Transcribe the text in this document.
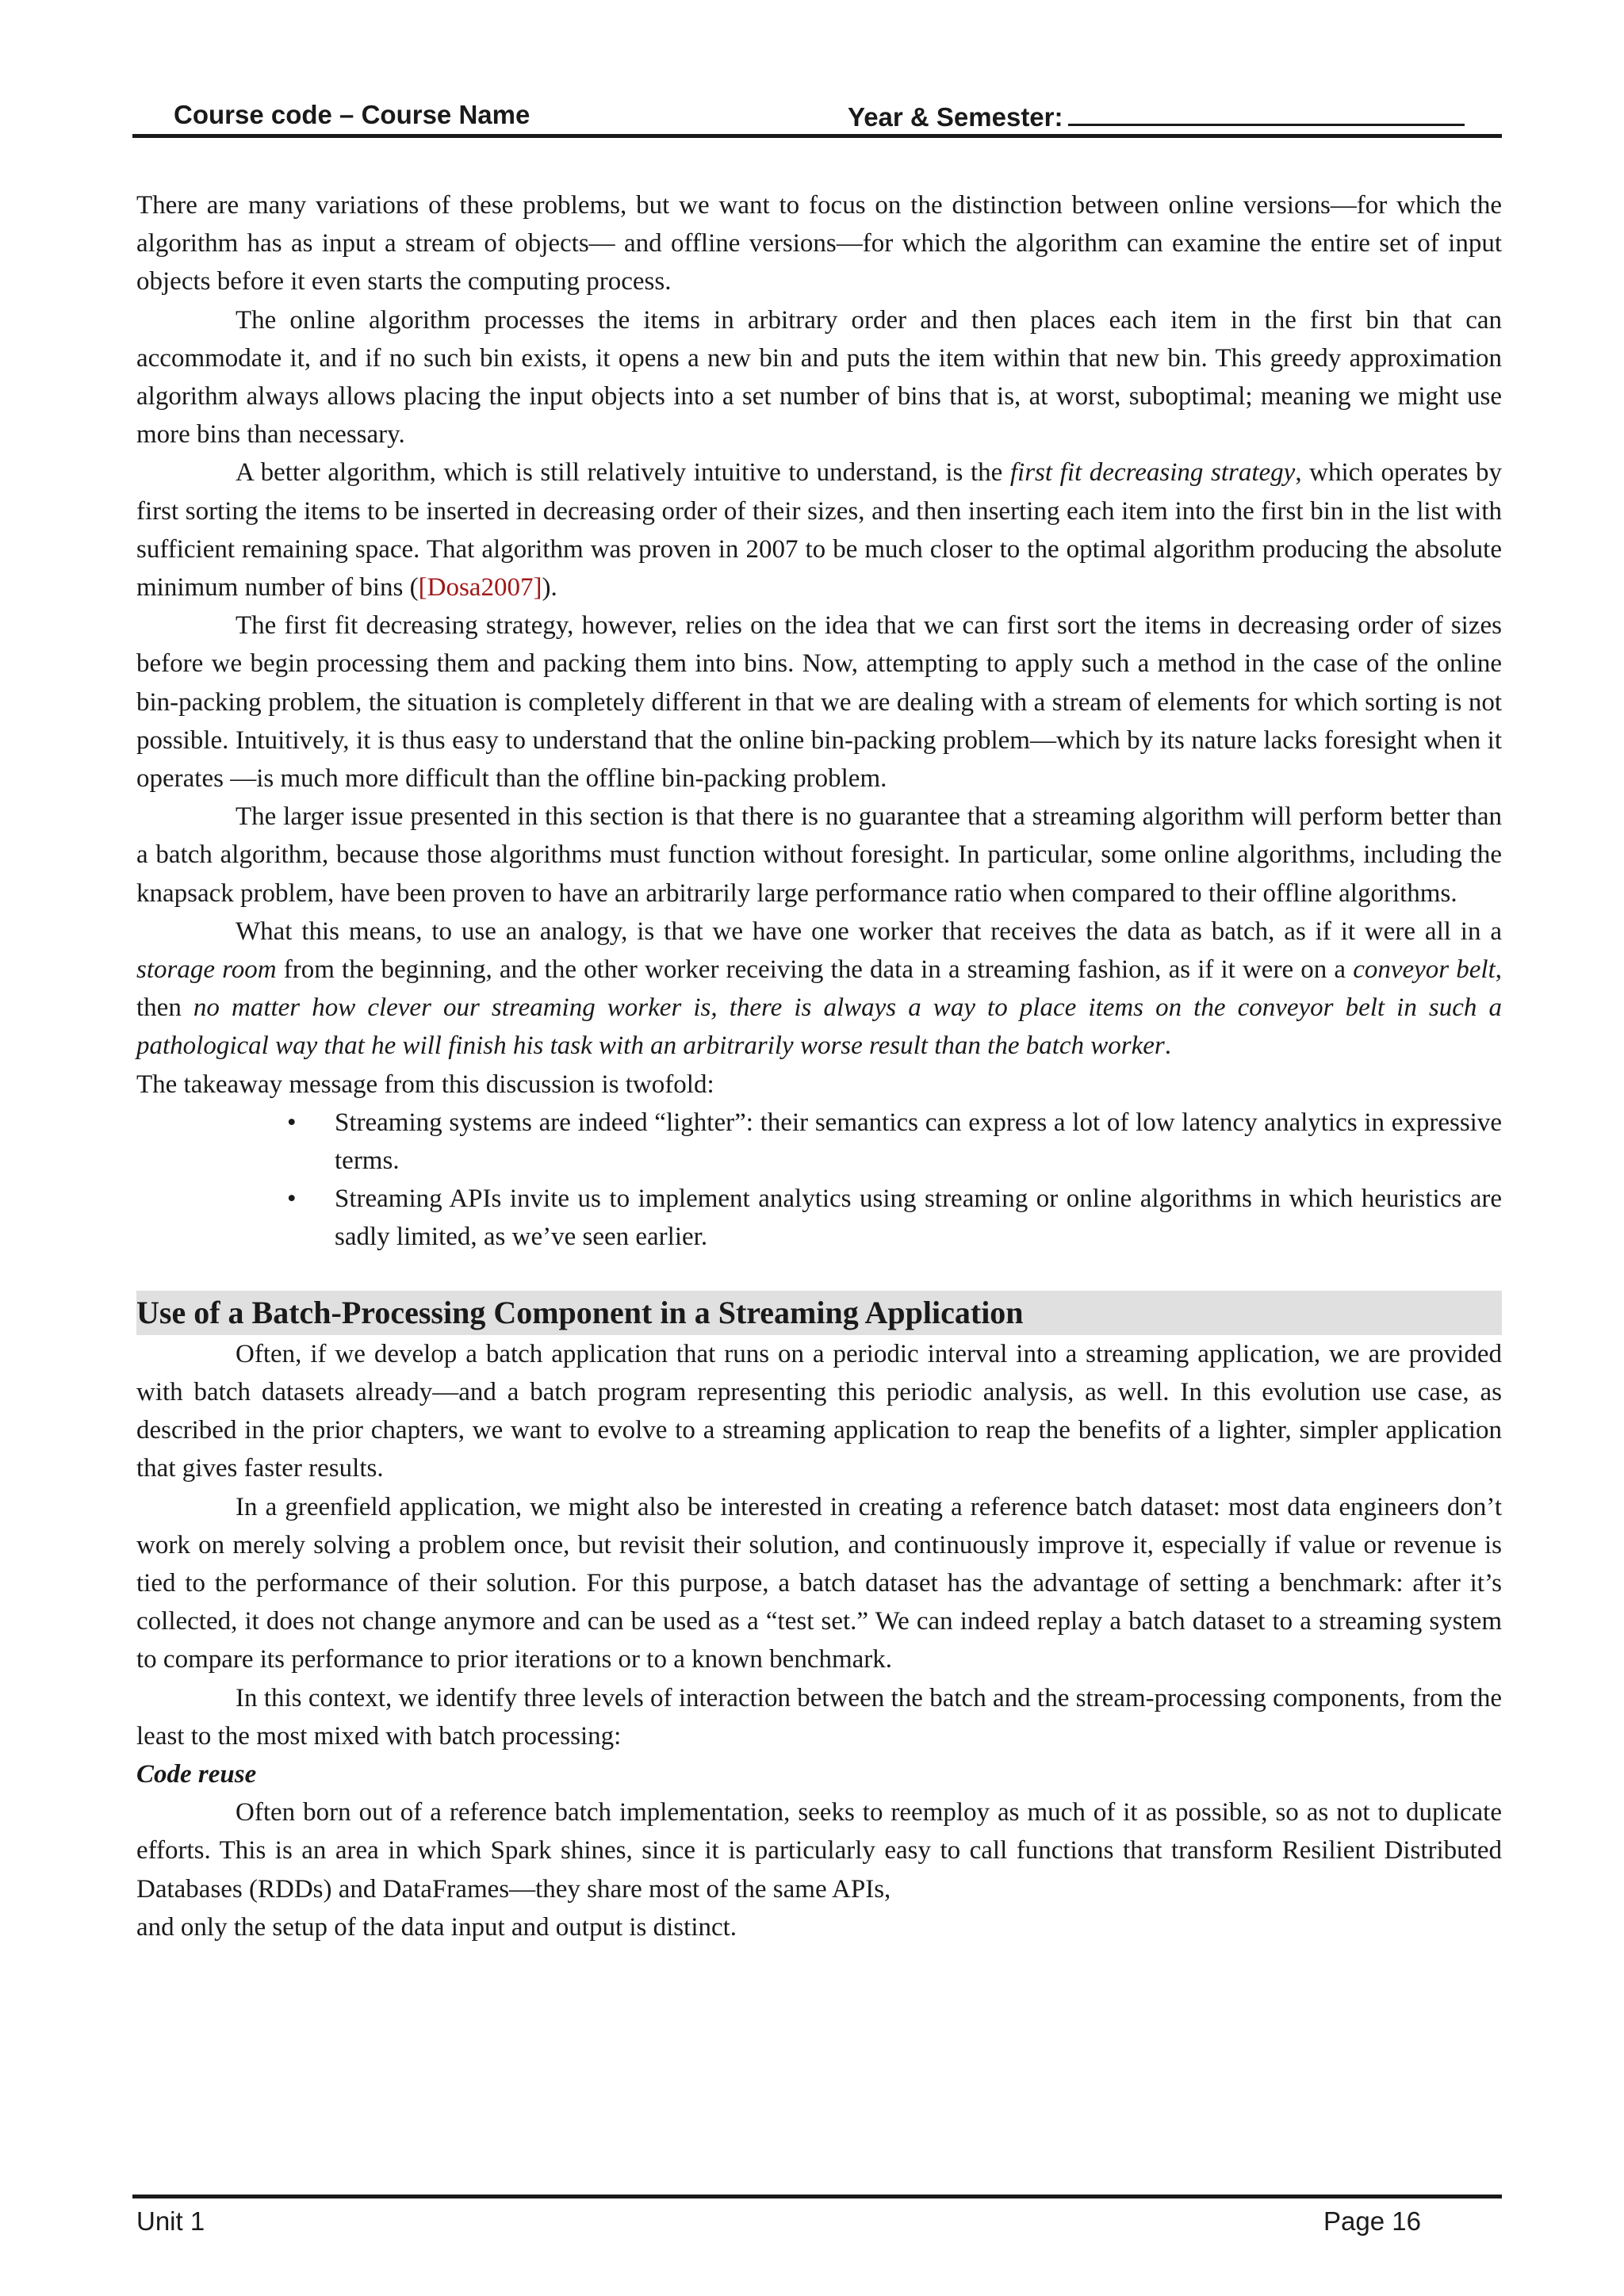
Course code – Course Name	Year & Semester:

There are many variations of these problems, but we want to focus on the distinction between online versions—for which the algorithm has as input a stream of objects— and offline versions—for which the algorithm can examine the entire set of input objects before it even starts the computing process.

The online algorithm processes the items in arbitrary order and then places each item in the first bin that can accommodate it, and if no such bin exists, it opens a new bin and puts the item within that new bin. This greedy approximation algorithm always allows placing the input objects into a set number of bins that is, at worst, suboptimal; meaning we might use more bins than necessary.

A better algorithm, which is still relatively intuitive to understand, is the first fit decreasing strategy, which operates by first sorting the items to be inserted in decreasing order of their sizes, and then inserting each item into the first bin in the list with sufficient remaining space. That algorithm was proven in 2007 to be much closer to the optimal algorithm producing the absolute minimum number of bins ([Dosa2007]).

The first fit decreasing strategy, however, relies on the idea that we can first sort the items in decreasing order of sizes before we begin processing them and packing them into bins. Now, attempting to apply such a method in the case of the online bin-packing problem, the situation is completely different in that we are dealing with a stream of elements for which sorting is not possible. Intuitively, it is thus easy to understand that the online bin-packing problem—which by its nature lacks foresight when it operates —is much more difficult than the offline bin-packing problem.

The larger issue presented in this section is that there is no guarantee that a streaming algorithm will perform better than a batch algorithm, because those algorithms must function without foresight. In particular, some online algorithms, including the knapsack problem, have been proven to have an arbitrarily large performance ratio when compared to their offline algorithms.

What this means, to use an analogy, is that we have one worker that receives the data as batch, as if it were all in a storage room from the beginning, and the other worker receiving the data in a streaming fashion, as if it were on a conveyor belt, then no matter how clever our streaming worker is, there is always a way to place items on the conveyor belt in such a pathological way that he will finish his task with an arbitrarily worse result than the batch worker.

The takeaway message from this discussion is twofold:

• Streaming systems are indeed “lighter”: their semantics can express a lot of low latency analytics in expressive terms.
• Streaming APIs invite us to implement analytics using streaming or online algorithms in which heuristics are sadly limited, as we’ve seen earlier.
Use of a Batch-Processing Component in a Streaming Application

Often, if we develop a batch application that runs on a periodic interval into a streaming application, we are provided with batch datasets already—and a batch program representing this periodic analysis, as well. In this evolution use case, as described in the prior chapters, we want to evolve to a streaming application to reap the benefits of a lighter, simpler application that gives faster results.

In a greenfield application, we might also be interested in creating a reference batch dataset: most data engineers don’t work on merely solving a problem once, but revisit their solution, and continuously improve it, especially if value or revenue is tied to the performance of their solution. For this purpose, a batch dataset has the advantage of setting a benchmark: after it’s collected, it does not change anymore and can be used as a “test set.” We can indeed replay a batch dataset to a streaming system to compare its performance to prior iterations or to a known benchmark.

In this context, we identify three levels of interaction between the batch and the stream-processing components, from the least to the most mixed with batch processing:

Code reuse

Often born out of a reference batch implementation, seeks to reemploy as much of it as possible, so as not to duplicate efforts. This is an area in which Spark shines, since it is particularly easy to call functions that transform Resilient Distributed Databases (RDDs) and DataFrames—they share most of the same APIs,

and only the setup of the data input and output is distinct.

Unit 1	Page 16
